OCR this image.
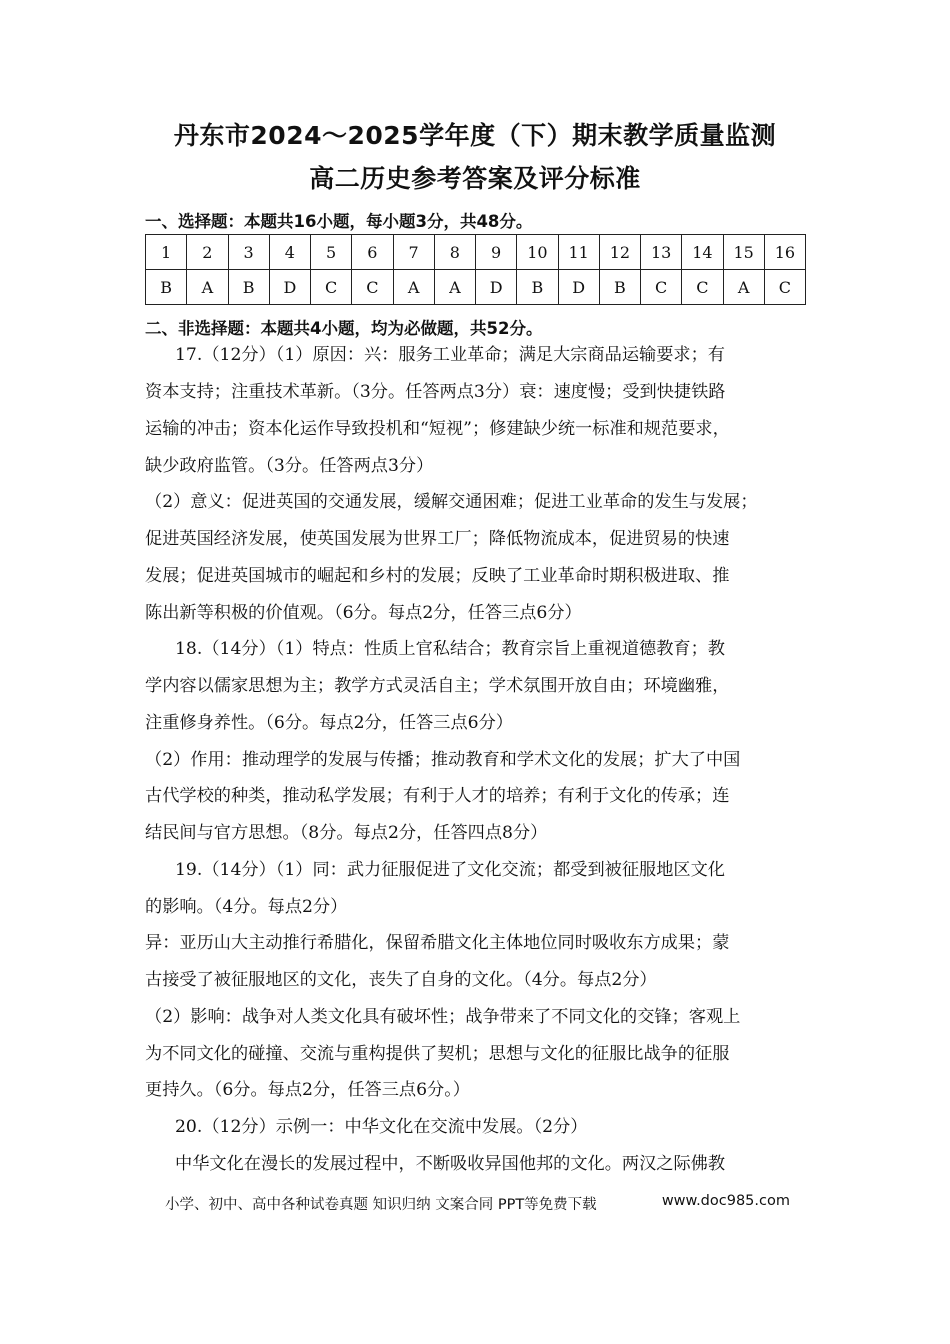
丹东市2024～2025学年度（下）期末教学质量监测
高二历史参考答案及评分标准
一、选择题：本题共16小题，每小题3分，共48分。
1	2	3	4	5	6	7	8	9	10	11	12	13	14	15	16
B	A	B	D	C	C	A	A	D	B	D	B	C	C	A	C
二、非选择题：本题共4小题，均为必做题，共52分。
17.（12分）（1）原因：兴：服务工业革命；满足大宗商品运输要求；有
资本支持；注重技术革新。（3分。任答两点3分）衰：速度慢；受到快捷铁路
运输的冲击；资本化运作导致投机和“短视”；修建缺少统一标准和规范要求，
缺少政府监管。（3分。任答两点3分）
（2）意义：促进英国的交通发展，缓解交通困难；促进工业革命的发生与发展；
促进英国经济发展，使英国发展为世界工厂；降低物流成本，促进贸易的快速
发展；促进英国城市的崛起和乡村的发展；反映了工业革命时期积极进取、推
陈出新等积极的价值观。（6分。每点2分，任答三点6分）
18.（14分）（1）特点：性质上官私结合；教育宗旨上重视道德教育；教
学内容以儒家思想为主；教学方式灵活自主；学术氛围开放自由；环境幽雅，
注重修身养性。（6分。每点2分，任答三点6分）
（2）作用：推动理学的发展与传播；推动教育和学术文化的发展；扩大了中国
古代学校的种类，推动私学发展；有利于人才的培养；有利于文化的传承；连
结民间与官方思想。（8分。每点2分，任答四点8分）
19.（14分）（1）同：武力征服促进了文化交流；都受到被征服地区文化
的影响。（4分。每点2分）
异：亚历山大主动推行希腊化，保留希腊文化主体地位同时吸收东方成果；蒙
古接受了被征服地区的文化，丧失了自身的文化。（4分。每点2分）
（2）影响：战争对人类文化具有破坏性；战争带来了不同文化的交锋；客观上
为不同文化的碰撞、交流与重构提供了契机；思想与文化的征服比战争的征服
更持久。（6分。每点2分，任答三点6分。）
20.（12分）示例一：中华文化在交流中发展。（2分）
中华文化在漫长的发展过程中，不断吸收异国他邦的文化。两汉之际佛教
小学、初中、高中各种试卷真题 知识归纳 文案合同 PPT等免费下载	www.doc985.com
